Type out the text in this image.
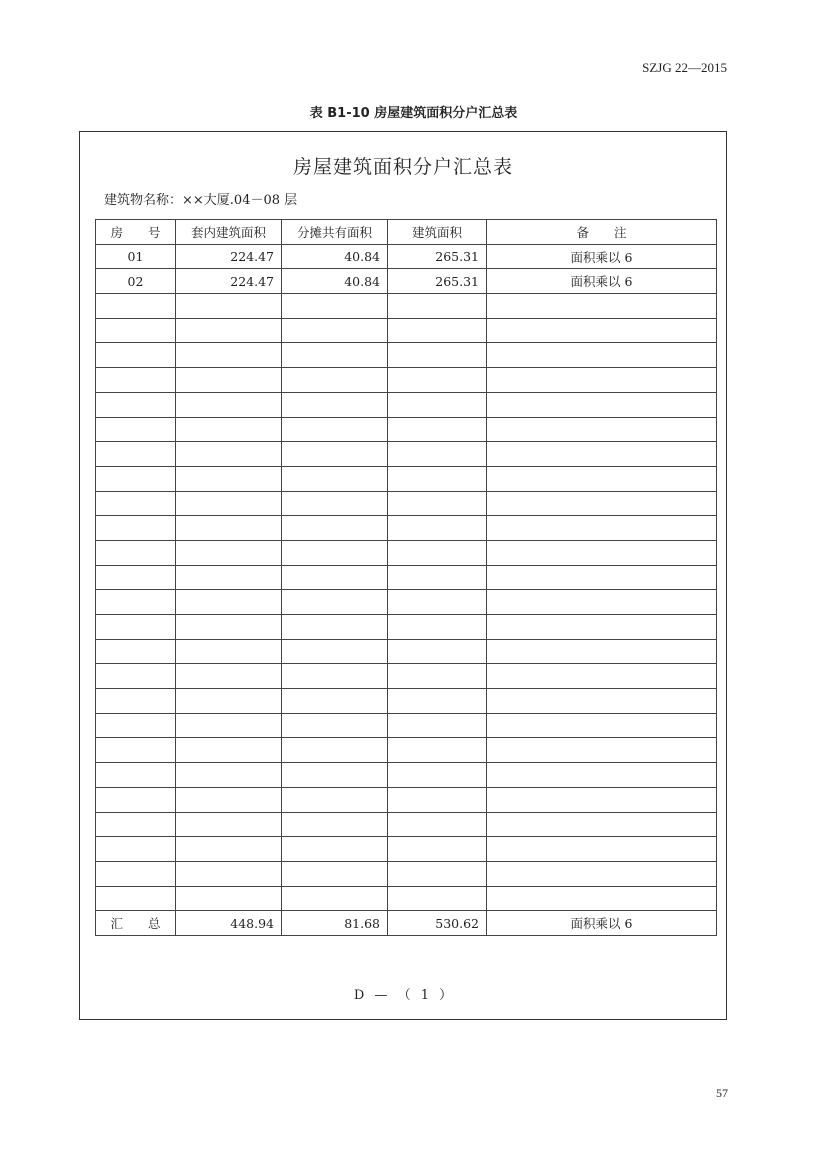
SZJG 22—2015
表 B1-10 房屋建筑面积分户汇总表
房屋建筑面积分户汇总表
建筑物名称：××大厦.04－08 层
房　　号	套内建筑面积	分摊共有面积	建筑面积	备　　注
01	224.47	40.84	265.31	面积乘以 6
02	224.47	40.84	265.31	面积乘以 6

汇　　总	448.94	81.68	530.62	面积乘以 6
D — （ 1 ）
57
